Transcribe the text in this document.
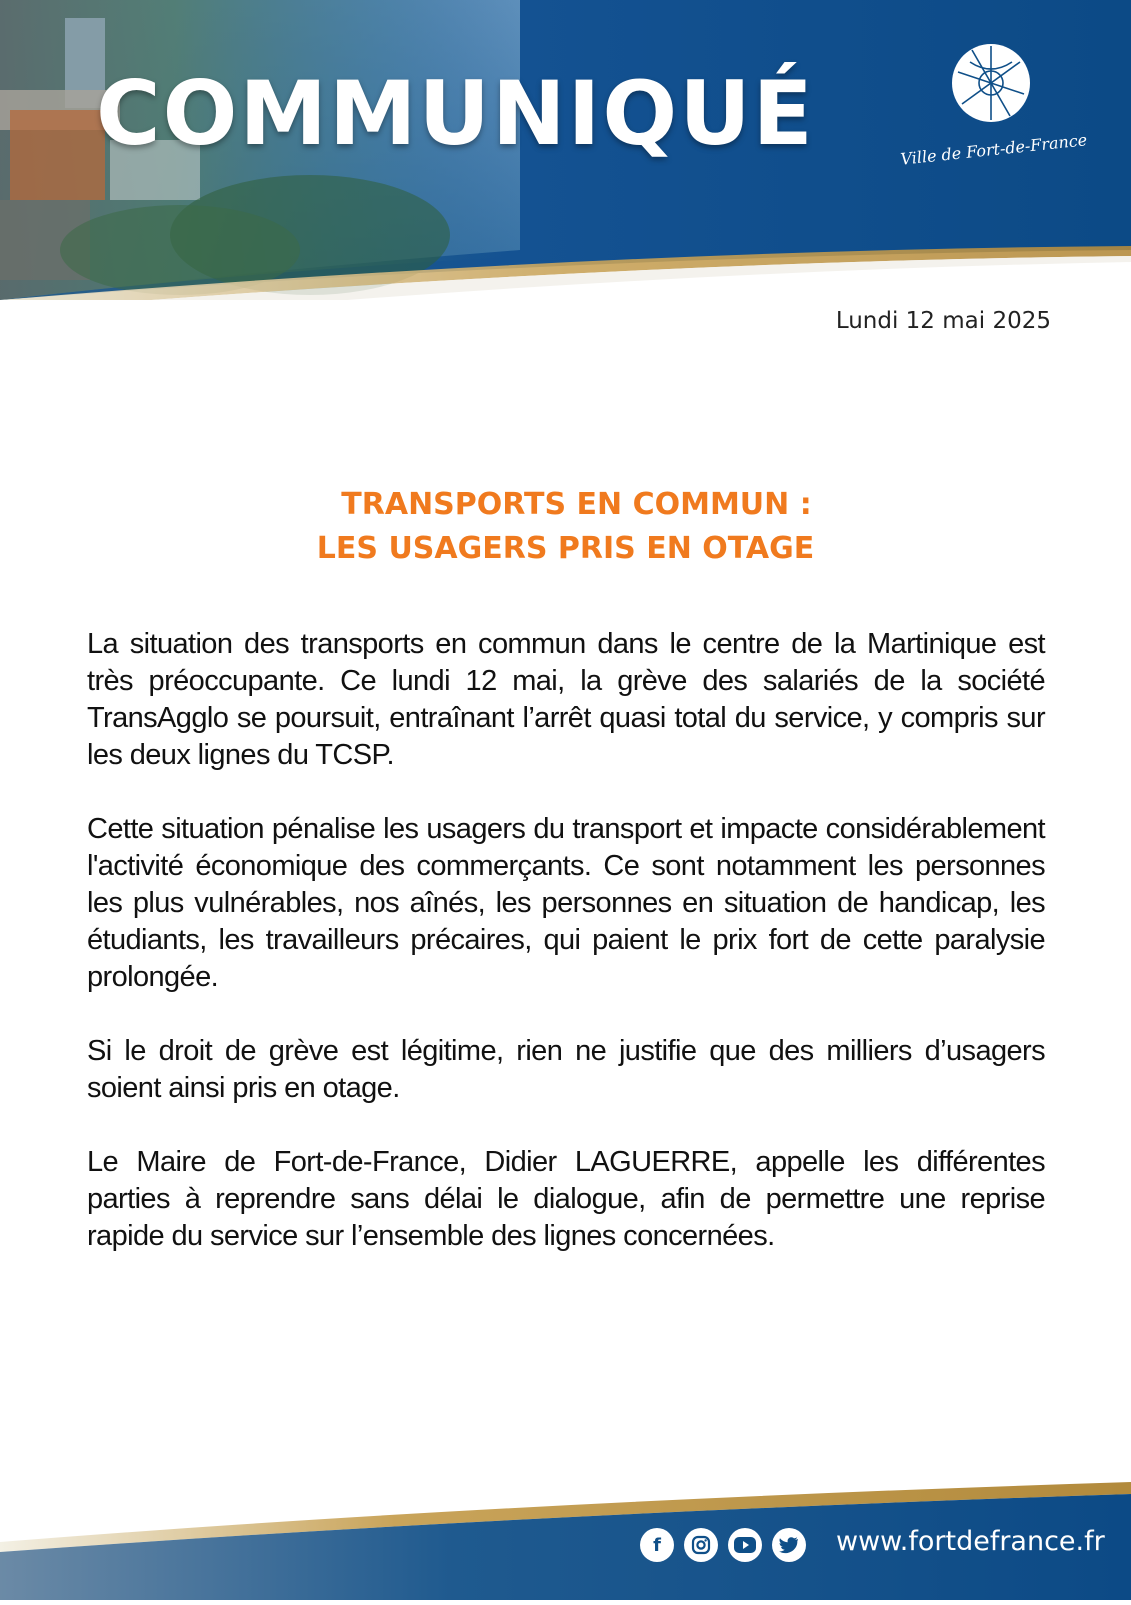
COMMUNIQUÉ	Ville de Fort-de-France
Lundi 12 mai 2025
TRANSPORTS EN COMMUN :
LES USAGERS PRIS EN OTAGE

La situation des transports en commun dans le centre de la Martinique est très préoccupante. Ce lundi 12 mai, la grève des salariés de la société TransAgglo se poursuit, entraînant l’arrêt quasi total du service, y compris sur les deux lignes du TCSP.

Cette situation pénalise les usagers du transport et impacte considérablement l'activité économique des commerçants. Ce sont notamment les personnes les plus vulnérables, nos aînés, les personnes en situation de handicap, les étudiants, les travailleurs précaires, qui paient le prix fort de cette paralysie prolongée.

Si le droit de grève est légitime, rien ne justifie que des milliers d’usagers soient ainsi pris en otage.

Le Maire de Fort-de-France, Didier LAGUERRE, appelle les différentes parties à reprendre sans délai le dialogue, afin de permettre une reprise rapide du service sur l’ensemble des lignes concernées.

f	www.fortdefrance.fr
